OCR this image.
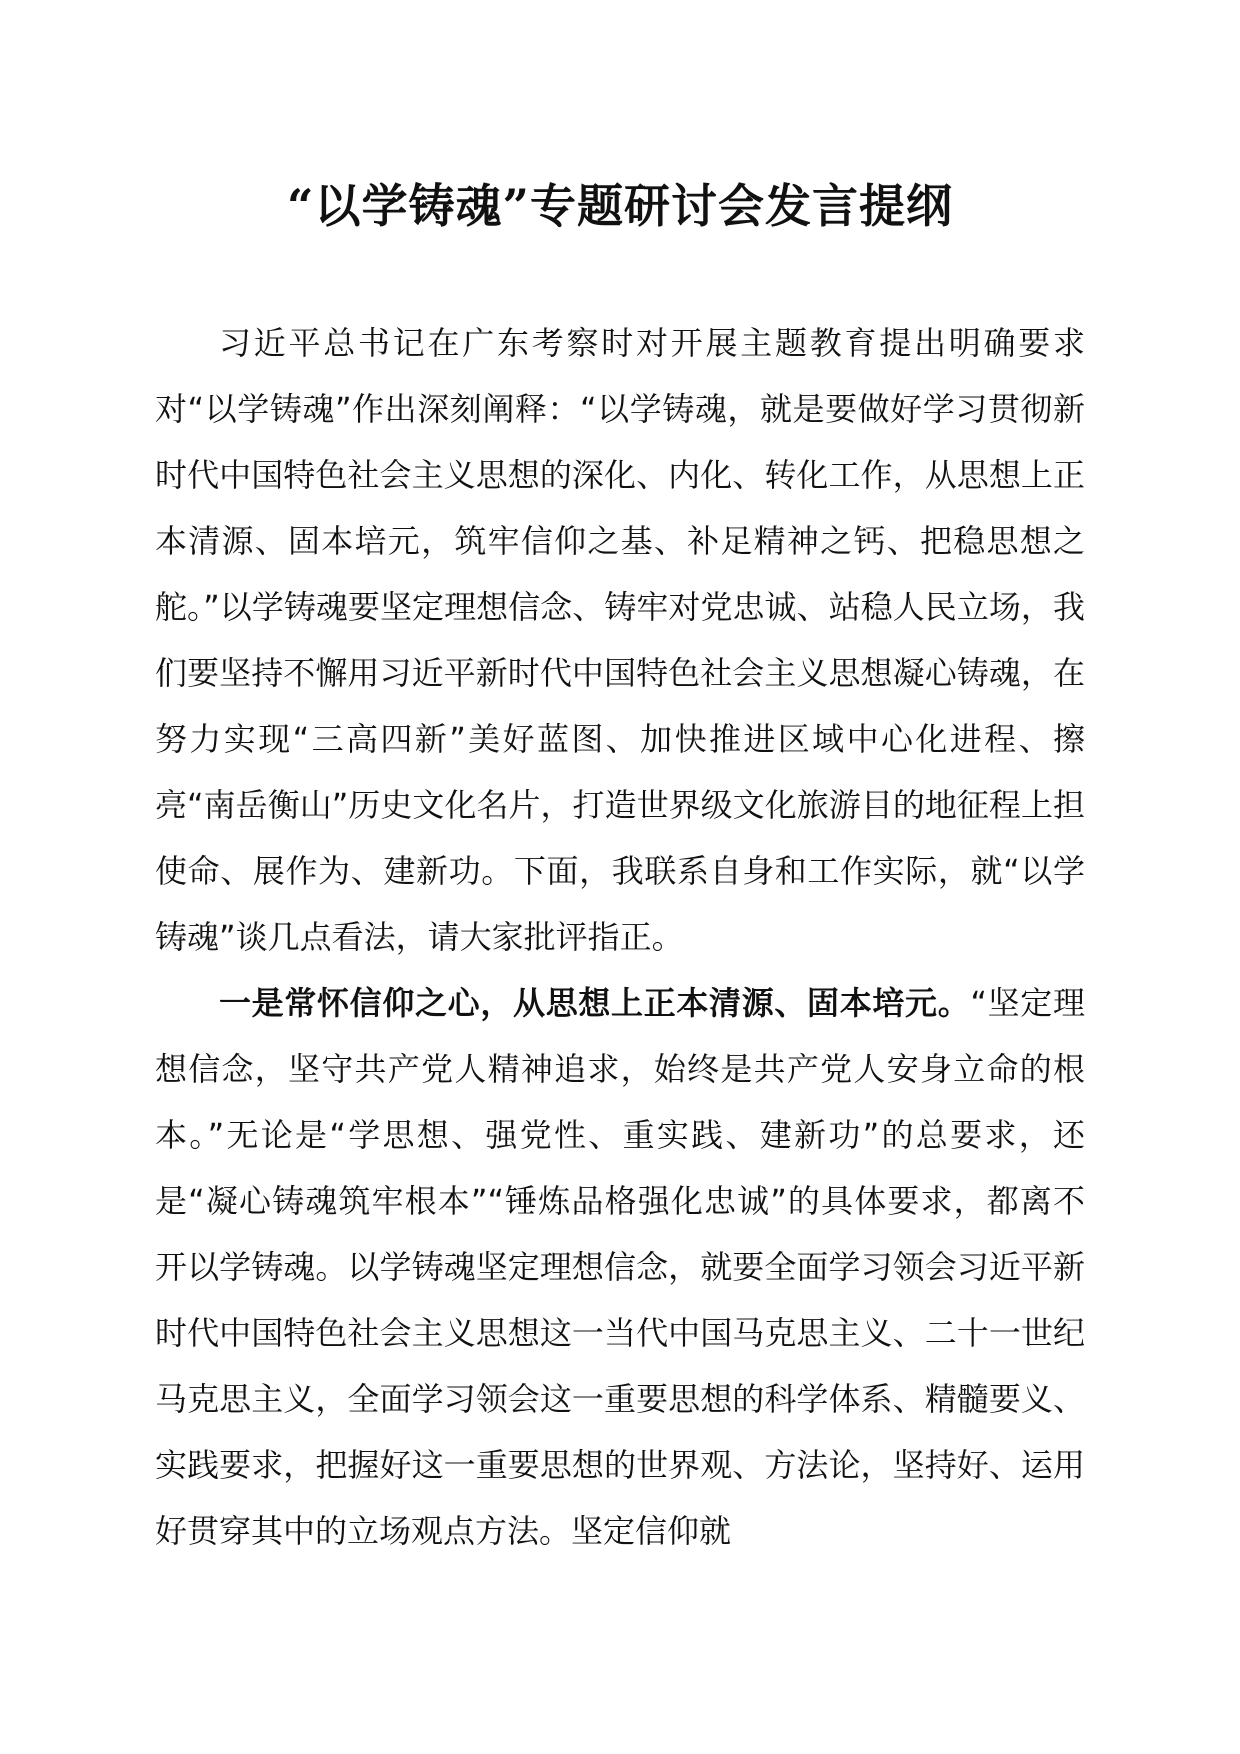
“以学铸魂”专题研讨会发言提纲

习近平总书记在广东考察时对开展主题教育提出明确要求对“以学铸魂”作出深刻阐释：“以学铸魂，就是要做好学习贯彻新时代中国特色社会主义思想的深化、内化、转化工作，从思想上正本清源、固本培元，筑牢信仰之基、补足精神之钙、把稳思想之舵。”以学铸魂要坚定理想信念、铸牢对党忠诚、站稳人民立场，我们要坚持不懈用习近平新时代中国特色社会主义思想凝心铸魂，在努力实现“三高四新”美好蓝图、加快推进区域中心化进程、擦亮“南岳衡山”历史文化名片，打造世界级文化旅游目的地征程上担使命、展作为、建新功。下面，我联系自身和工作实际，就“以学铸魂”谈几点看法，请大家批评指正。

一是常怀信仰之心，从思想上正本清源、固本培元。“坚定理想信念，坚守共产党人精神追求，始终是共产党人安身立命的根本。”无论是“学思想、强党性、重实践、建新功”的总要求，还是“凝心铸魂筑牢根本”“锤炼品格强化忠诚”的具体要求，都离不开以学铸魂。以学铸魂坚定理想信念，就要全面学习领会习近平新时代中国特色社会主义思想这一当代中国马克思主义、二十一世纪马克思主义，全面学习领会这一重要思想的科学体系、精髓要义、实践要求，把握好这一重要思想的世界观、方法论，坚持好、运用好贯穿其中的立场观点方法。坚定信仰就
